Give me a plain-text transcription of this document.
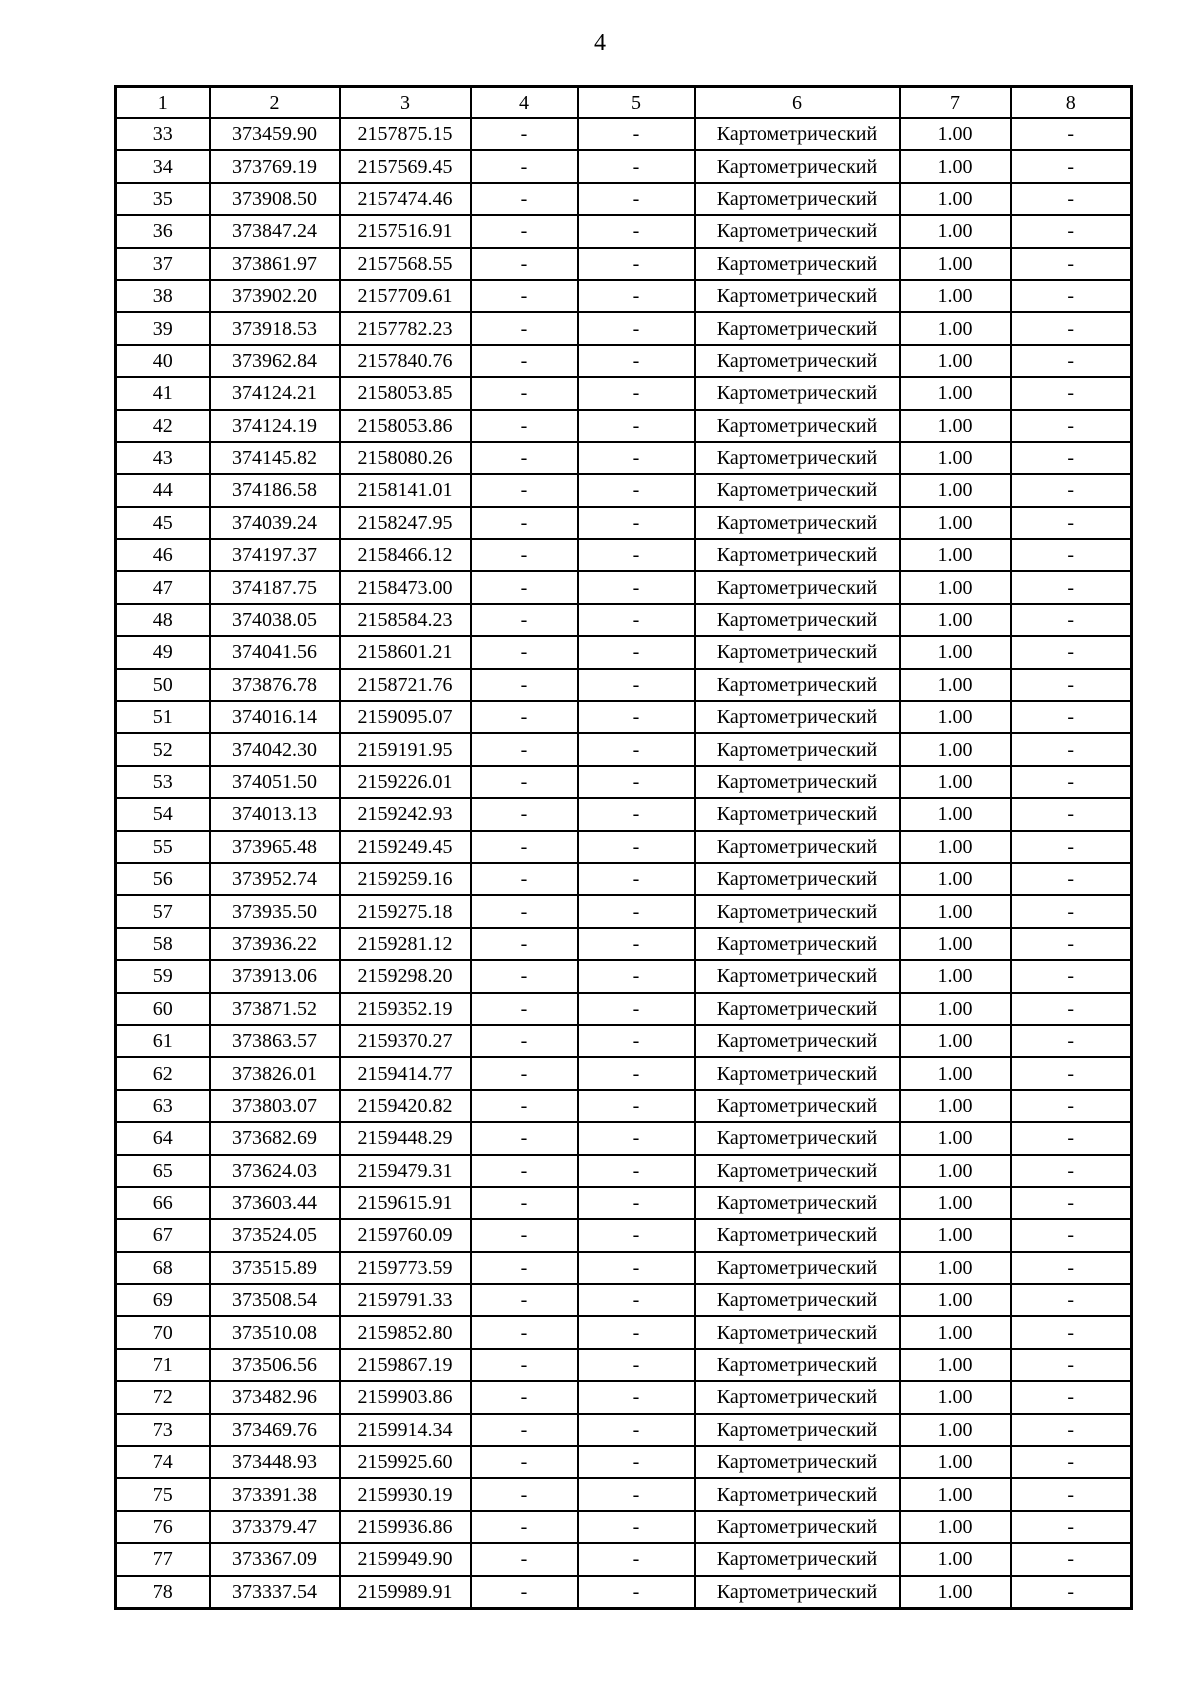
4
1	2	3	4	5	6	7	8
33	373459.90	2157875.15	-	-	Картометрический	1.00	-
34	373769.19	2157569.45	-	-	Картометрический	1.00	-
35	373908.50	2157474.46	-	-	Картометрический	1.00	-
36	373847.24	2157516.91	-	-	Картометрический	1.00	-
37	373861.97	2157568.55	-	-	Картометрический	1.00	-
38	373902.20	2157709.61	-	-	Картометрический	1.00	-
39	373918.53	2157782.23	-	-	Картометрический	1.00	-
40	373962.84	2157840.76	-	-	Картометрический	1.00	-
41	374124.21	2158053.85	-	-	Картометрический	1.00	-
42	374124.19	2158053.86	-	-	Картометрический	1.00	-
43	374145.82	2158080.26	-	-	Картометрический	1.00	-
44	374186.58	2158141.01	-	-	Картометрический	1.00	-
45	374039.24	2158247.95	-	-	Картометрический	1.00	-
46	374197.37	2158466.12	-	-	Картометрический	1.00	-
47	374187.75	2158473.00	-	-	Картометрический	1.00	-
48	374038.05	2158584.23	-	-	Картометрический	1.00	-
49	374041.56	2158601.21	-	-	Картометрический	1.00	-
50	373876.78	2158721.76	-	-	Картометрический	1.00	-
51	374016.14	2159095.07	-	-	Картометрический	1.00	-
52	374042.30	2159191.95	-	-	Картометрический	1.00	-
53	374051.50	2159226.01	-	-	Картометрический	1.00	-
54	374013.13	2159242.93	-	-	Картометрический	1.00	-
55	373965.48	2159249.45	-	-	Картометрический	1.00	-
56	373952.74	2159259.16	-	-	Картометрический	1.00	-
57	373935.50	2159275.18	-	-	Картометрический	1.00	-
58	373936.22	2159281.12	-	-	Картометрический	1.00	-
59	373913.06	2159298.20	-	-	Картометрический	1.00	-
60	373871.52	2159352.19	-	-	Картометрический	1.00	-
61	373863.57	2159370.27	-	-	Картометрический	1.00	-
62	373826.01	2159414.77	-	-	Картометрический	1.00	-
63	373803.07	2159420.82	-	-	Картометрический	1.00	-
64	373682.69	2159448.29	-	-	Картометрический	1.00	-
65	373624.03	2159479.31	-	-	Картометрический	1.00	-
66	373603.44	2159615.91	-	-	Картометрический	1.00	-
67	373524.05	2159760.09	-	-	Картометрический	1.00	-
68	373515.89	2159773.59	-	-	Картометрический	1.00	-
69	373508.54	2159791.33	-	-	Картометрический	1.00	-
70	373510.08	2159852.80	-	-	Картометрический	1.00	-
71	373506.56	2159867.19	-	-	Картометрический	1.00	-
72	373482.96	2159903.86	-	-	Картометрический	1.00	-
73	373469.76	2159914.34	-	-	Картометрический	1.00	-
74	373448.93	2159925.60	-	-	Картометрический	1.00	-
75	373391.38	2159930.19	-	-	Картометрический	1.00	-
76	373379.47	2159936.86	-	-	Картометрический	1.00	-
77	373367.09	2159949.90	-	-	Картометрический	1.00	-
78	373337.54	2159989.91	-	-	Картометрический	1.00	-
